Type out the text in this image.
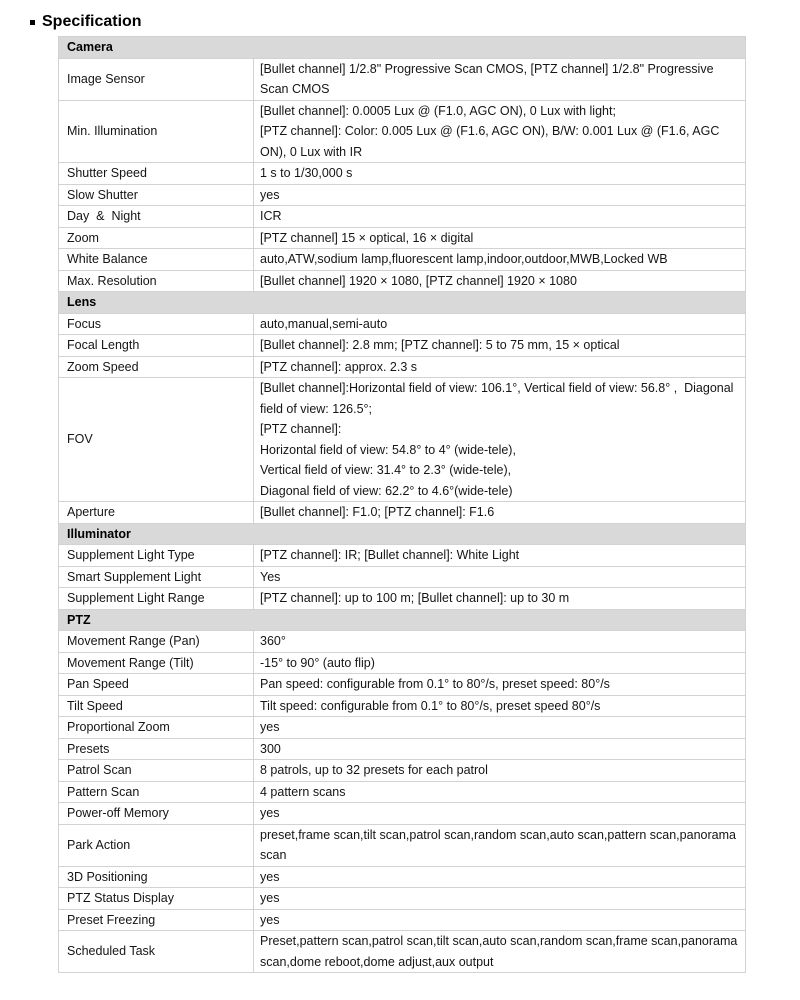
Specification
Camera	
Image Sensor	[Bullet channel] 1/2.8" Progressive Scan CMOS, [PTZ channel] 1/2.8" Progressive Scan CMOS

Min. Illumination	[Bullet channel]: 0.0005 Lux @ (F1.0, AGC ON), 0 Lux with light;
[PTZ channel]: Color: 0.005 Lux @ (F1.6, AGC ON), B/W: 0.001 Lux @ (F1.6, AGC ON), 0 Lux with IR

Shutter Speed	1 s to 1/30,000 s

Slow Shutter	yes

Day  &  Night	ICR

Zoom	[PTZ channel] 15 × optical, 16 × digital

White Balance	auto,ATW,sodium lamp,fluorescent lamp,indoor,outdoor,MWB,Locked WB

Max. Resolution	[Bullet channel] 1920 × 1080, [PTZ channel] 1920 × 1080

Lens	
Focus	auto,manual,semi-auto

Focal Length	[Bullet channel]: 2.8 mm; [PTZ channel]: 5 to 75 mm, 15 × optical

Zoom Speed	[PTZ channel]: approx. 2.3 s

FOV	[Bullet channel]:Horizontal field of view: 106.1°, Vertical field of view: 56.8° ,  Diagonal field of view: 126.5°;
[PTZ channel]:
Horizontal field of view: 54.8° to 4° (wide-tele),
Vertical field of view: 31.4° to 2.3° (wide-tele),
Diagonal field of view: 62.2° to 4.6°(wide-tele)

Aperture	[Bullet channel]: F1.0; [PTZ channel]: F1.6

Illuminator	
Supplement Light Type	[PTZ channel]: IR; [Bullet channel]: White Light

Smart Supplement Light	Yes

Supplement Light Range	[PTZ channel]: up to 100 m; [Bullet channel]: up to 30 m

PTZ	
Movement Range (Pan)	360°

Movement Range (Tilt)	-15° to 90° (auto flip)

Pan Speed	Pan speed: configurable from 0.1° to 80°/s, preset speed: 80°/s

Tilt Speed	Tilt speed: configurable from 0.1° to 80°/s, preset speed 80°/s

Proportional Zoom	yes

Presets	300

Patrol Scan	8 patrols, up to 32 presets for each patrol

Pattern Scan	4 pattern scans

Power-off Memory	yes

Park Action	preset,frame scan,tilt scan,patrol scan,random scan,auto scan,pattern scan,panorama scan

3D Positioning	yes

PTZ Status Display	yes

Preset Freezing	yes

Scheduled Task	Preset,pattern scan,patrol scan,tilt scan,auto scan,random scan,frame scan,panorama scan,dome reboot,dome adjust,aux output
